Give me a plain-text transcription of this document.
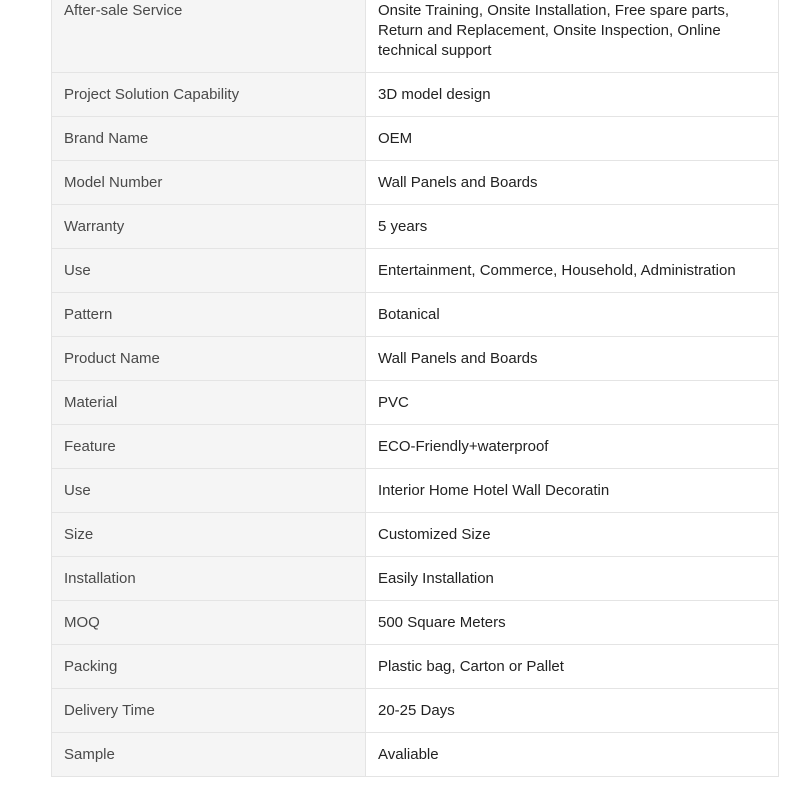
After-sale Service	Onsite Training, Onsite Installation, Free spare parts, Return and Replacement, Onsite Inspection, Online technical support
Project Solution Capability	3D model design
Brand Name	OEM
Model Number	Wall Panels and Boards
Warranty	5 years
Use	Entertainment, Commerce, Household, Administration
Pattern	Botanical
Product Name	Wall Panels and Boards
Material	PVC
Feature	ECO-Friendly+waterproof
Use	Interior Home Hotel Wall Decoratin
Size	Customized Size
Installation	Easily Installation
MOQ	500 Square Meters
Packing	Plastic bag, Carton or Pallet
Delivery Time	20-25 Days
Sample	Avaliable
